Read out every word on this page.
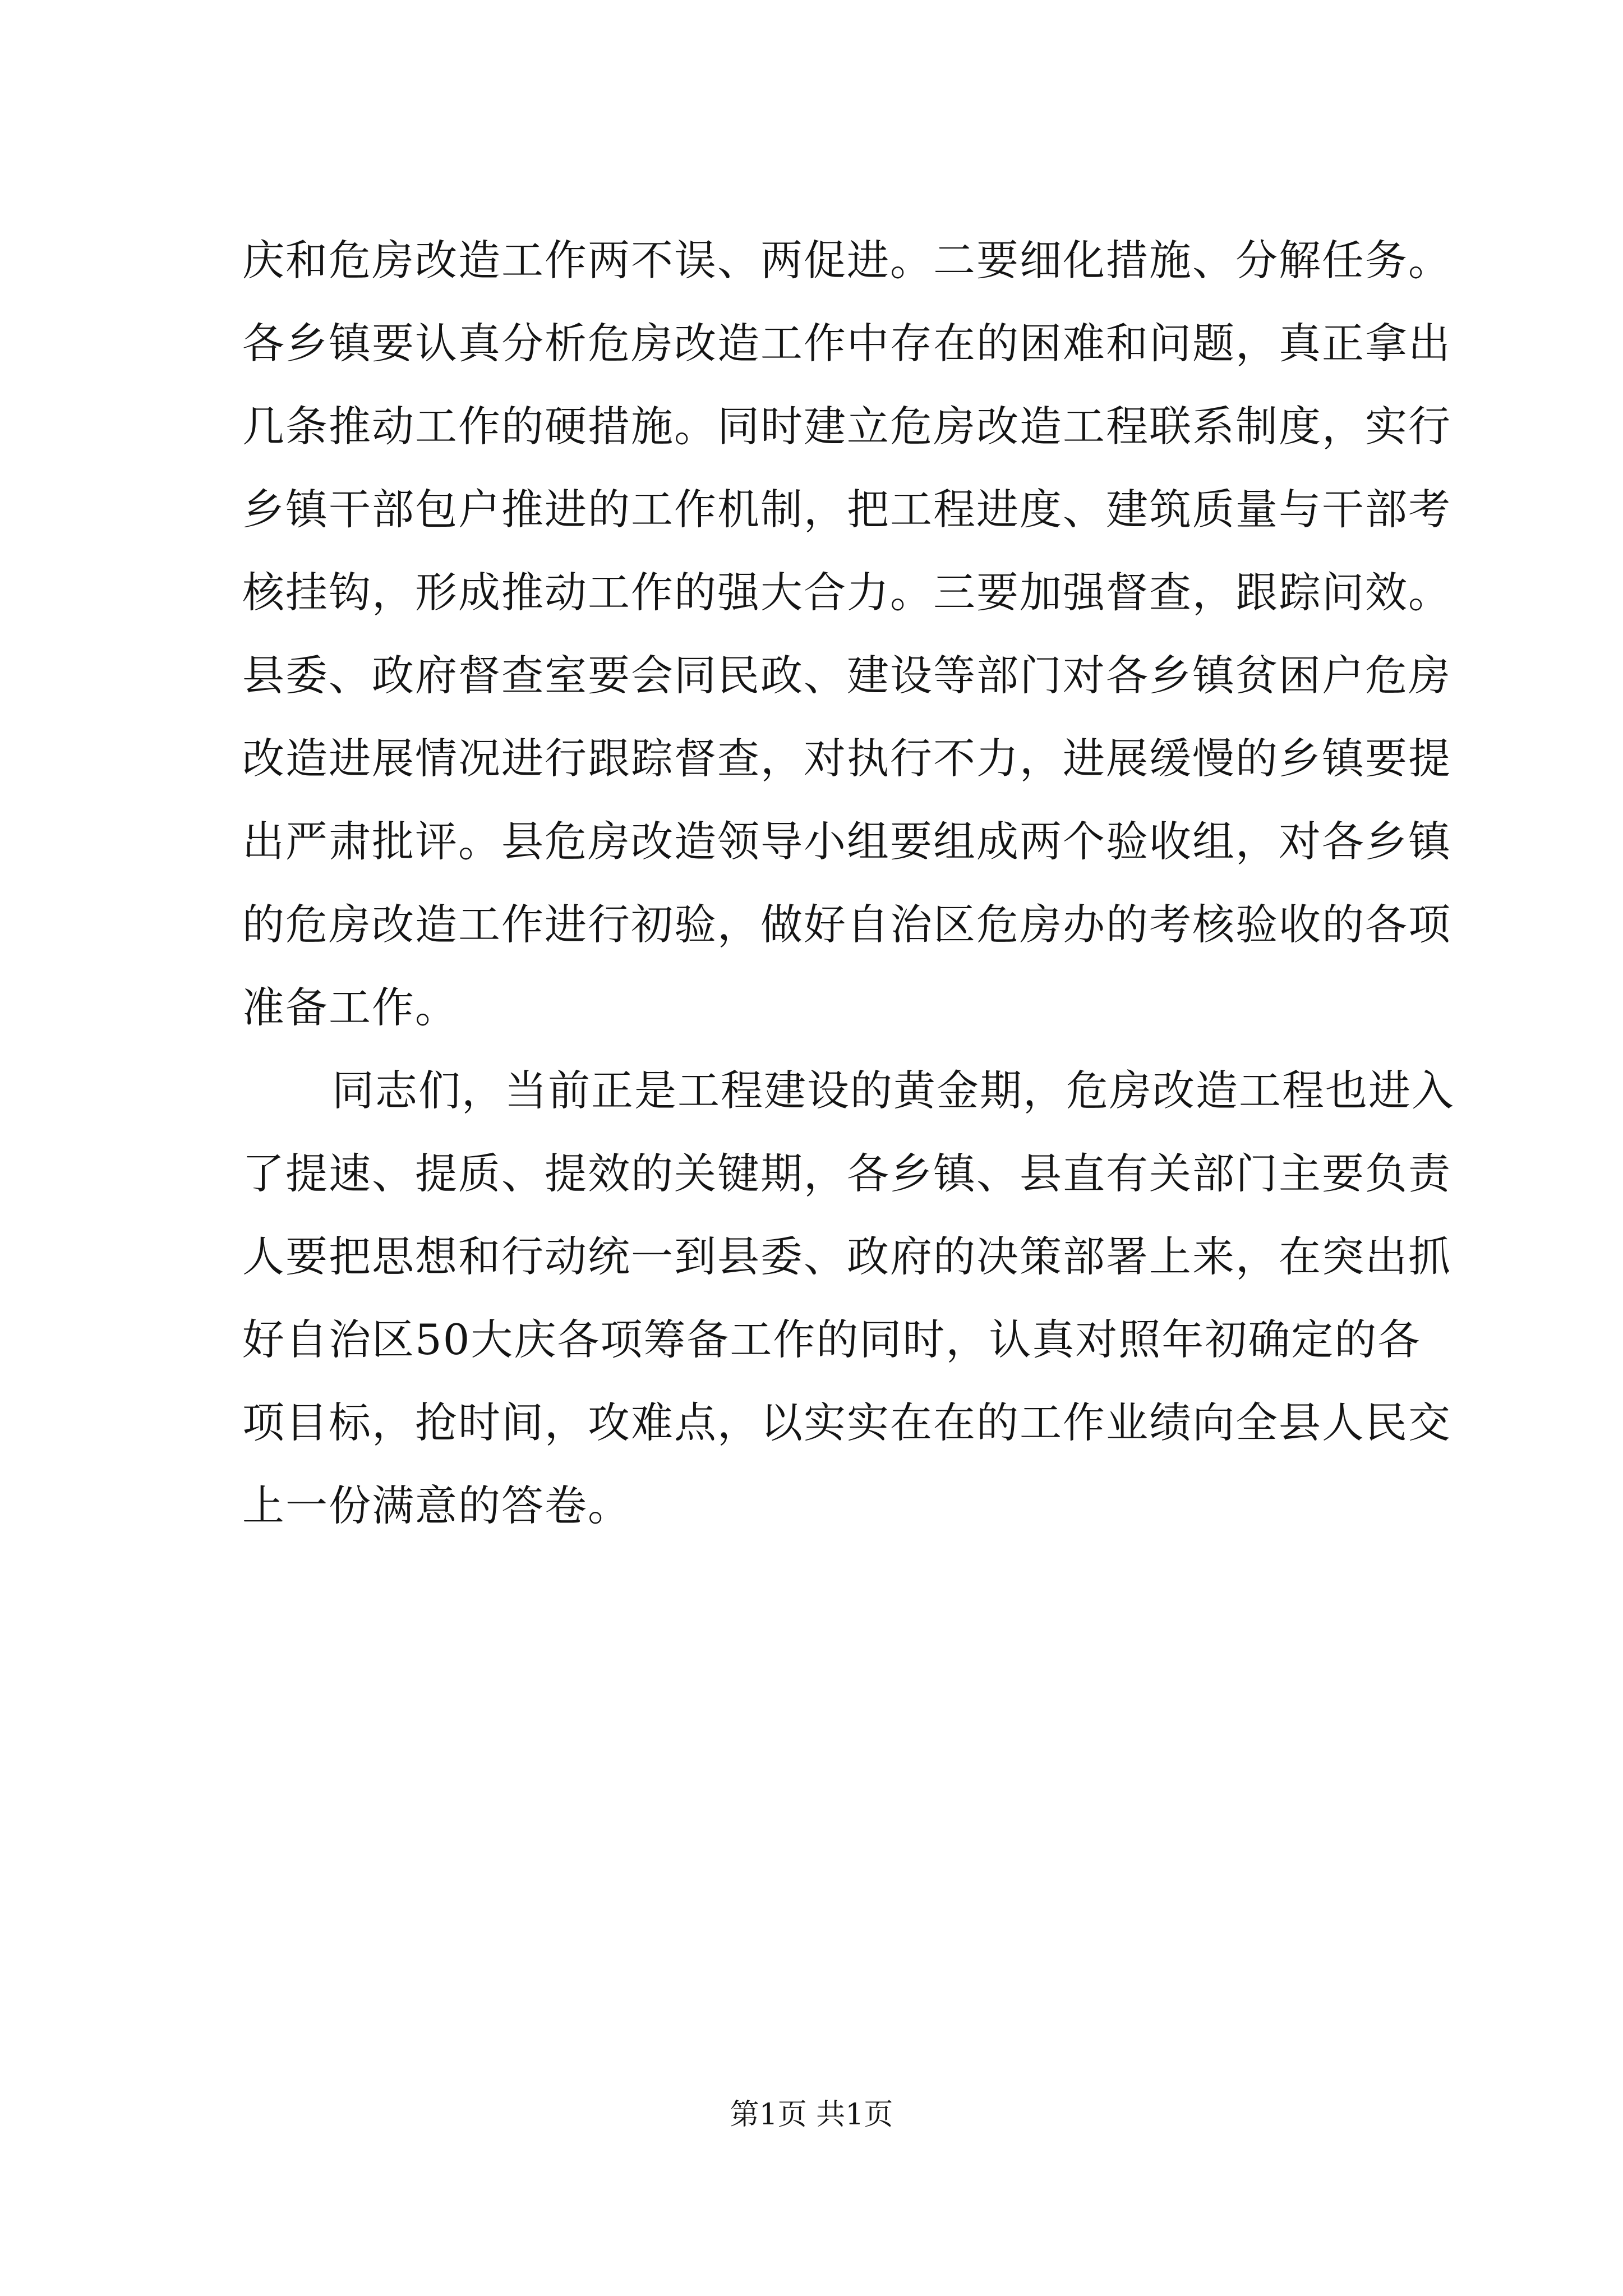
庆和危房改造工作两不误、两促进。二要细化措施、分解任务。
各乡镇要认真分析危房改造工作中存在的困难和问题，真正拿出
几条推动工作的硬措施。同时建立危房改造工程联系制度，实行
乡镇干部包户推进的工作机制，把工程进度、建筑质量与干部考
核挂钩，形成推动工作的强大合力。三要加强督查，跟踪问效。
县委、政府督查室要会同民政、建设等部门对各乡镇贫困户危房
改造进展情况进行跟踪督查，对执行不力，进展缓慢的乡镇要提
出严肃批评。县危房改造领导小组要组成两个验收组，对各乡镇
的危房改造工作进行初验，做好自治区危房办的考核验收的各项
准备工作。
同志们，当前正是工程建设的黄金期，危房改造工程也进入
了提速、提质、提效的关键期，各乡镇、县直有关部门主要负责
人要把思想和行动统一到县委、政府的决策部署上来，在突出抓
好自治区50大庆各项筹备工作的同时，认真对照年初确定的各
项目标，抢时间，攻难点，以实实在在的工作业绩向全县人民交
上一份满意的答卷。
第1页 共1页
